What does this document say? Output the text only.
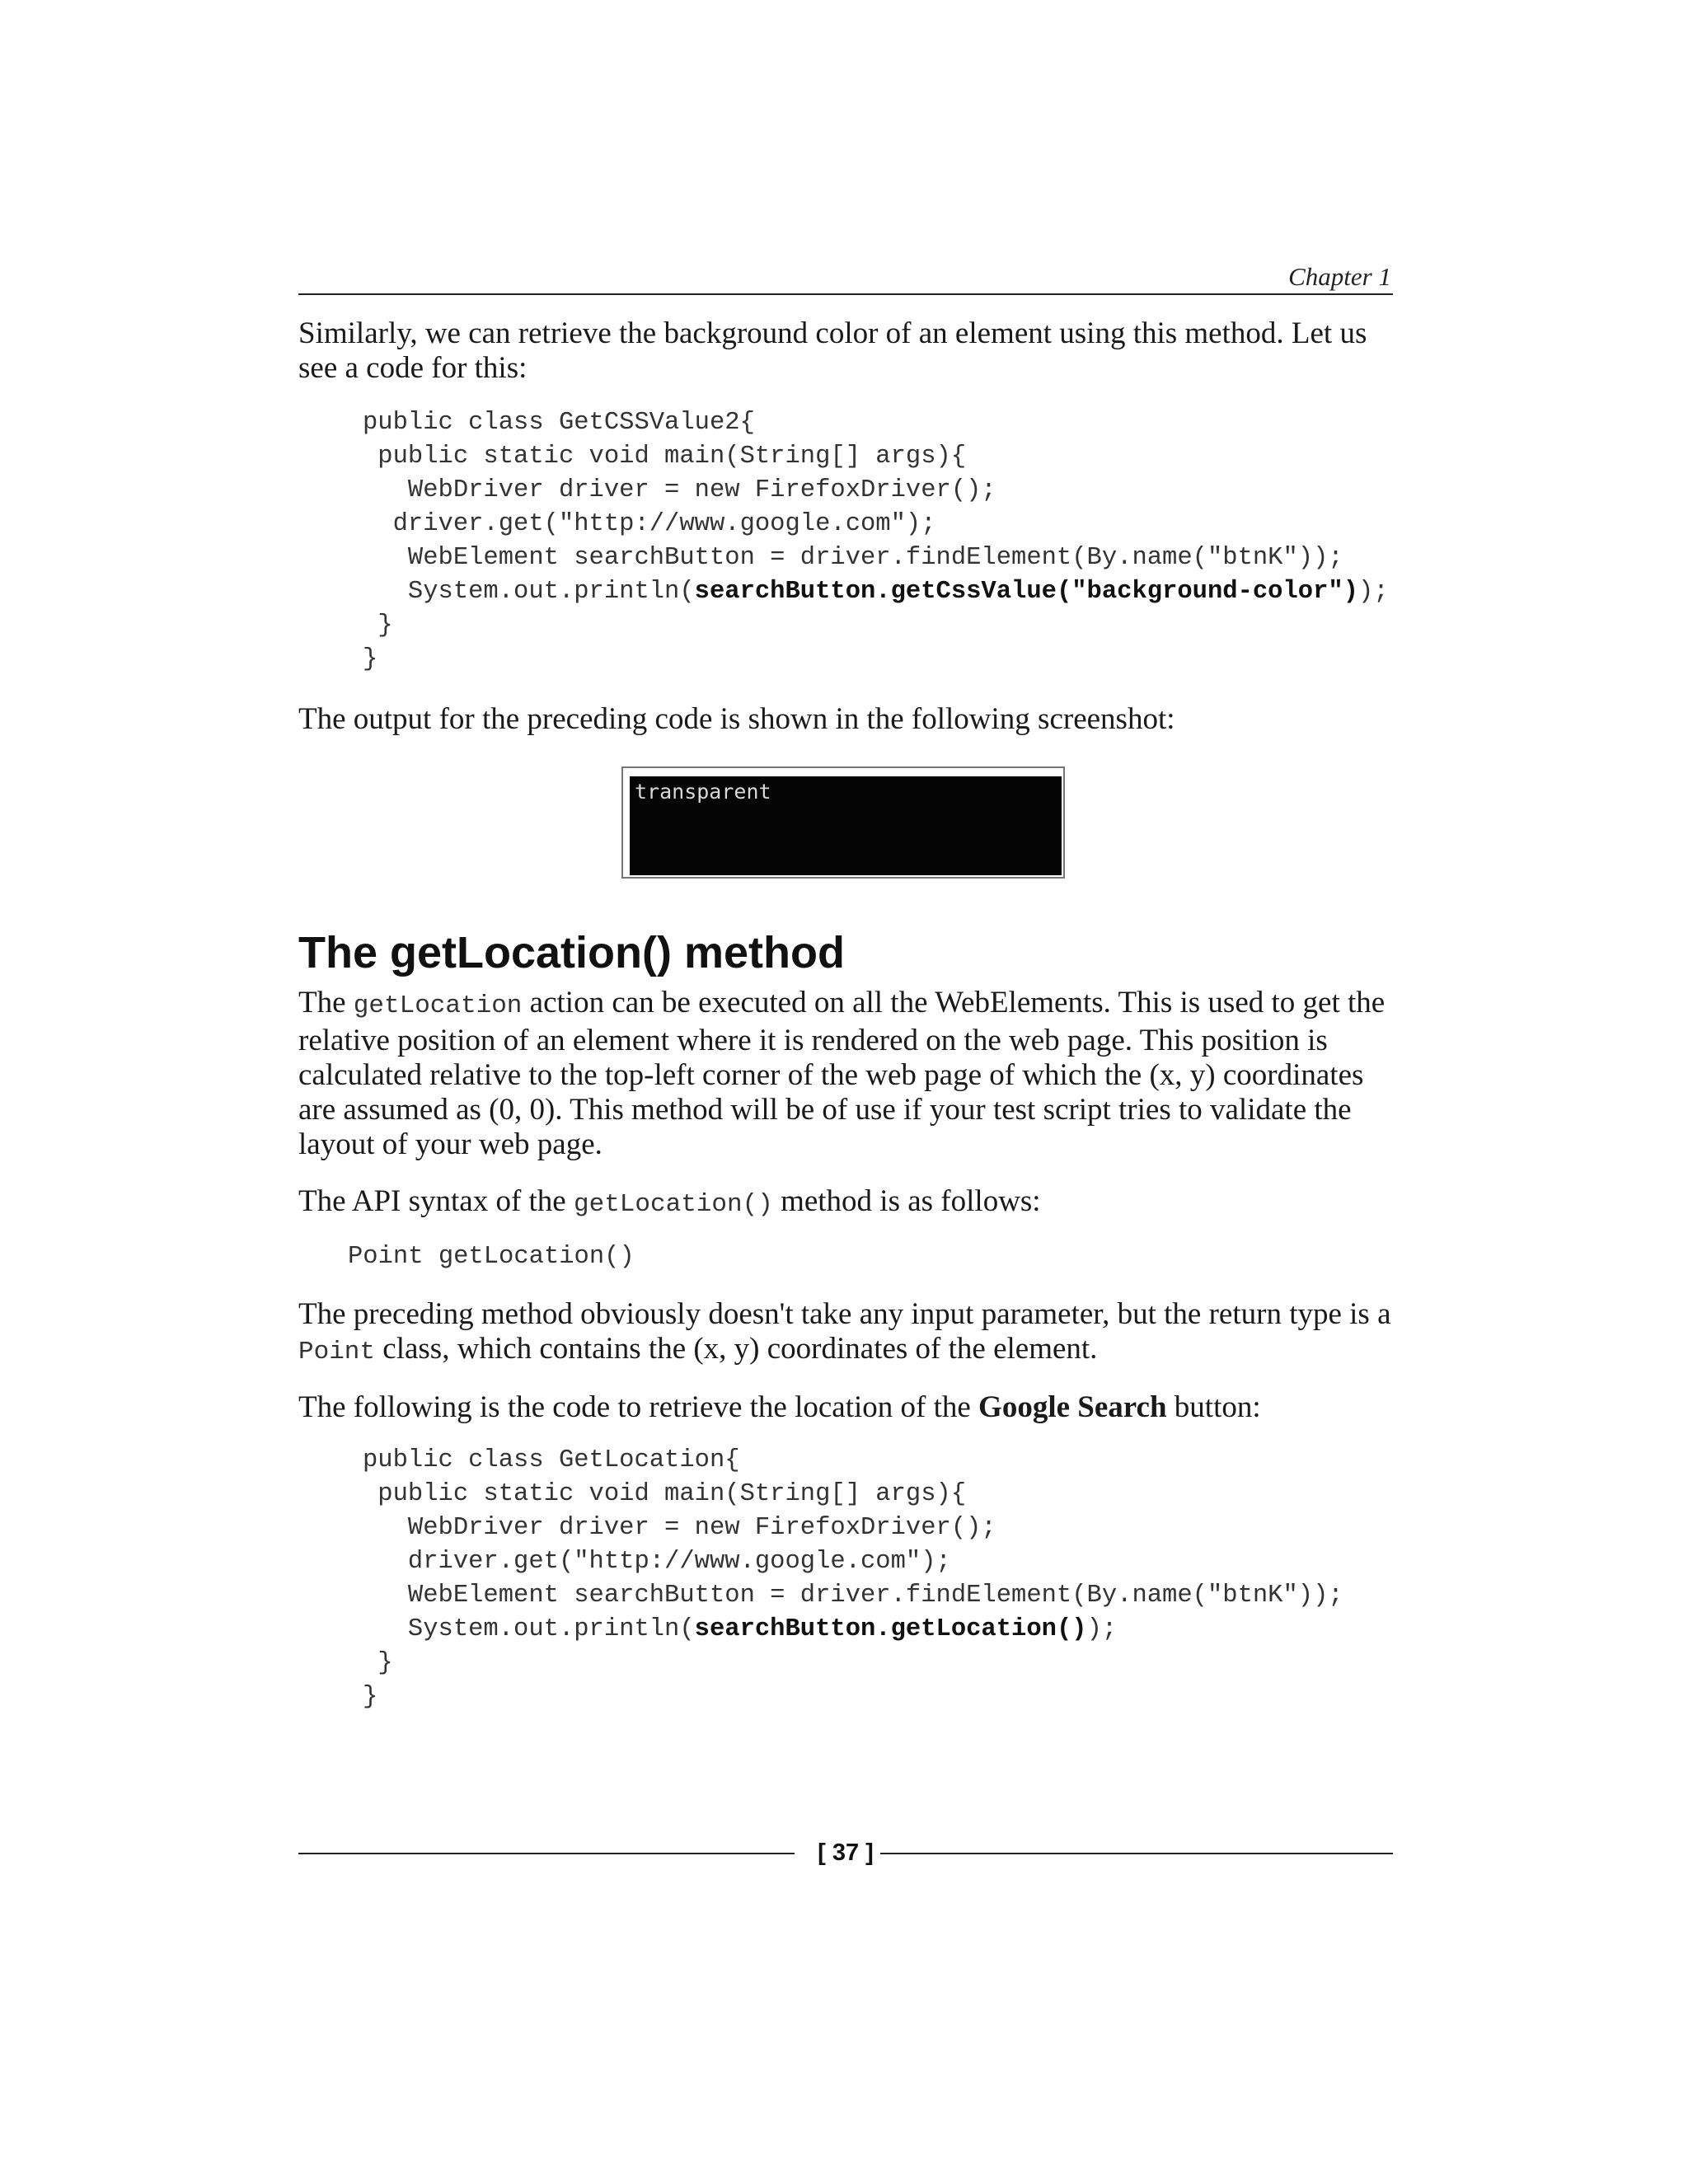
Chapter 1

Similarly, we can retrieve the background color of an element using this method. Let us see a code for this:

public class GetCSSValue2{
public static void main(String[] args){
WebDriver driver = new FirefoxDriver();
driver.get("http://www.google.com");
WebElement searchButton = driver.findElement(By.name("btnK"));
System.out.println(searchButton.getCssValue("background-color"));
}
}

The output for the preceding code is shown in the following screenshot:

transparent
The getLocation() method

The getLocation action can be executed on all the WebElements. This is used to get the relative position of an element where it is rendered on the web page. This position is calculated relative to the top-left corner of the web page of which the (x, y) coordinates are assumed as (0, 0). This method will be of use if your test script tries to validate the layout of your web page.

The API syntax of the getLocation() method is as follows:

Point getLocation()

The preceding method obviously doesn't take any input parameter, but the return type is a Point class, which contains the (x, y) coordinates of the element.

The following is the code to retrieve the location of the Google Search button:

public class GetLocation{
public static void main(String[] args){
WebDriver driver = new FirefoxDriver();
driver.get("http://www.google.com");
WebElement searchButton = driver.findElement(By.name("btnK"));
System.out.println(searchButton.getLocation());
}
}
[ 37 ]
